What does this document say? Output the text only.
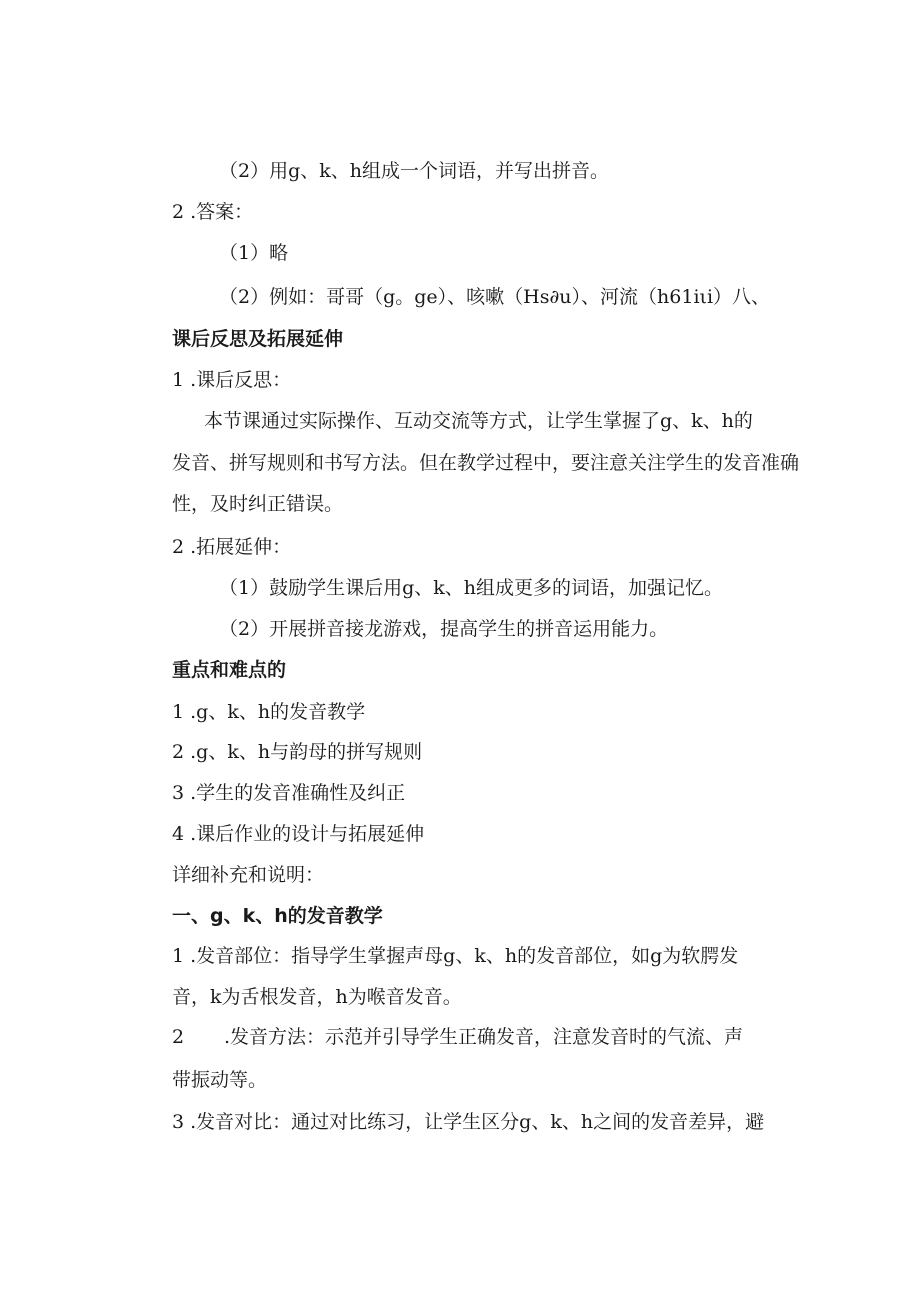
（2）用g、k、h组成一个词语，并写出拼音。
2 .答案：
（1）略
（2）例如：哥哥（g。ge）、咳嗽（Hs∂u）、河流（h61iιi）八、
课后反思及拓展延伸
1 .课后反思：
本节课通过实际操作、互动交流等方式，让学生掌握了g、k、h的
发音、拼写规则和书写方法。但在教学过程中，要注意关注学生的发音准确
性，及时纠正错误。
2 .拓展延伸：
（1）鼓励学生课后用g、k、h组成更多的词语，加强记忆。
（2）开展拼音接龙游戏，提高学生的拼音运用能力。
重点和难点的
1 .g、k、h的发音教学
2 .g、k、h与韵母的拼写规则
3 .学生的发音准确性及纠正
4 .课后作业的设计与拓展延伸
详细补充和说明：
一、g、k、h的发音教学
1 .发音部位：指导学生掌握声母g、k、h的发音部位，如g为软腭发
音，k为舌根发音，h为喉音发音。
2 .发音方法：示范并引导学生正确发音，注意发音时的气流、声
带振动等。
3 .发音对比：通过对比练习，让学生区分g、k、h之间的发音差异，避
